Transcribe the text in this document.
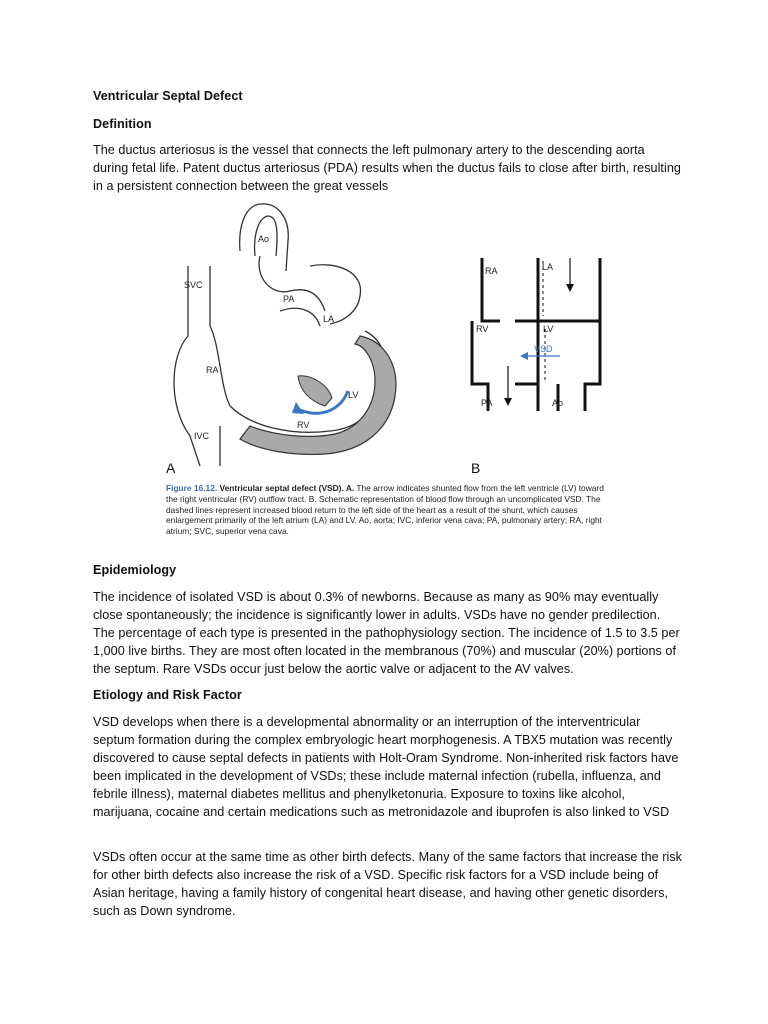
Ventricular Septal Defect
Definition
The ductus arteriosus is the vessel that connects the left pulmonary artery to the descending aorta during fetal life. Patent ductus arteriosus (PDA) results when the ductus fails to close after birth, resulting in a persistent connection between the great vessels
Ao
SVC
PA
LA
RA
LV
RV
IVC
RA	LA
RV	LV
VSD
PA	Ao
A	B
Figure 16.12. Ventricular septal defect (VSD). A. The arrow indicates shunted flow from the left ventricle (LV) toward the right ventricular (RV) outflow tract. B. Schematic representation of blood flow through an uncomplicated VSD. The dashed lines represent increased blood return to the left side of the heart as a result of the shunt, which causes enlargement primarily of the left atrium (LA) and LV. Ao, aorta; IVC, inferior vena cava; PA, pulmonary artery; RA, right atrium; SVC, superior vena cava.
Epidemiology
The incidence of isolated VSD is about 0.3% of newborns. Because as many as 90% may eventually close spontaneously; the incidence is significantly lower in adults. VSDs have no gender predilection. The percentage of each type is presented in the pathophysiology section. The incidence of 1.5 to 3.5 per 1,000 live births. They are most often located in the membranous (70%) and muscular (20%) portions of the septum. Rare VSDs occur just below the aortic valve or adjacent to the AV valves.
Etiology and Risk Factor
VSD develops when there is a developmental abnormality or an interruption of the interventricular septum formation during the complex embryologic heart morphogenesis. A TBX5 mutation was recently discovered to cause septal defects in patients with Holt-Oram Syndrome. Non-inherited risk factors have been implicated in the development of VSDs; these include maternal infection (rubella, influenza, and febrile illness), maternal diabetes mellitus and phenylketonuria. Exposure to toxins like alcohol, marijuana, cocaine and certain medications such as metronidazole and ibuprofen is also linked to VSD
VSDs often occur at the same time as other birth defects. Many of the same factors that increase the risk for other birth defects also increase the risk of a VSD. Specific risk factors for a VSD include being of Asian heritage, having a family history of congenital heart disease, and having other genetic disorders, such as Down syndrome.
